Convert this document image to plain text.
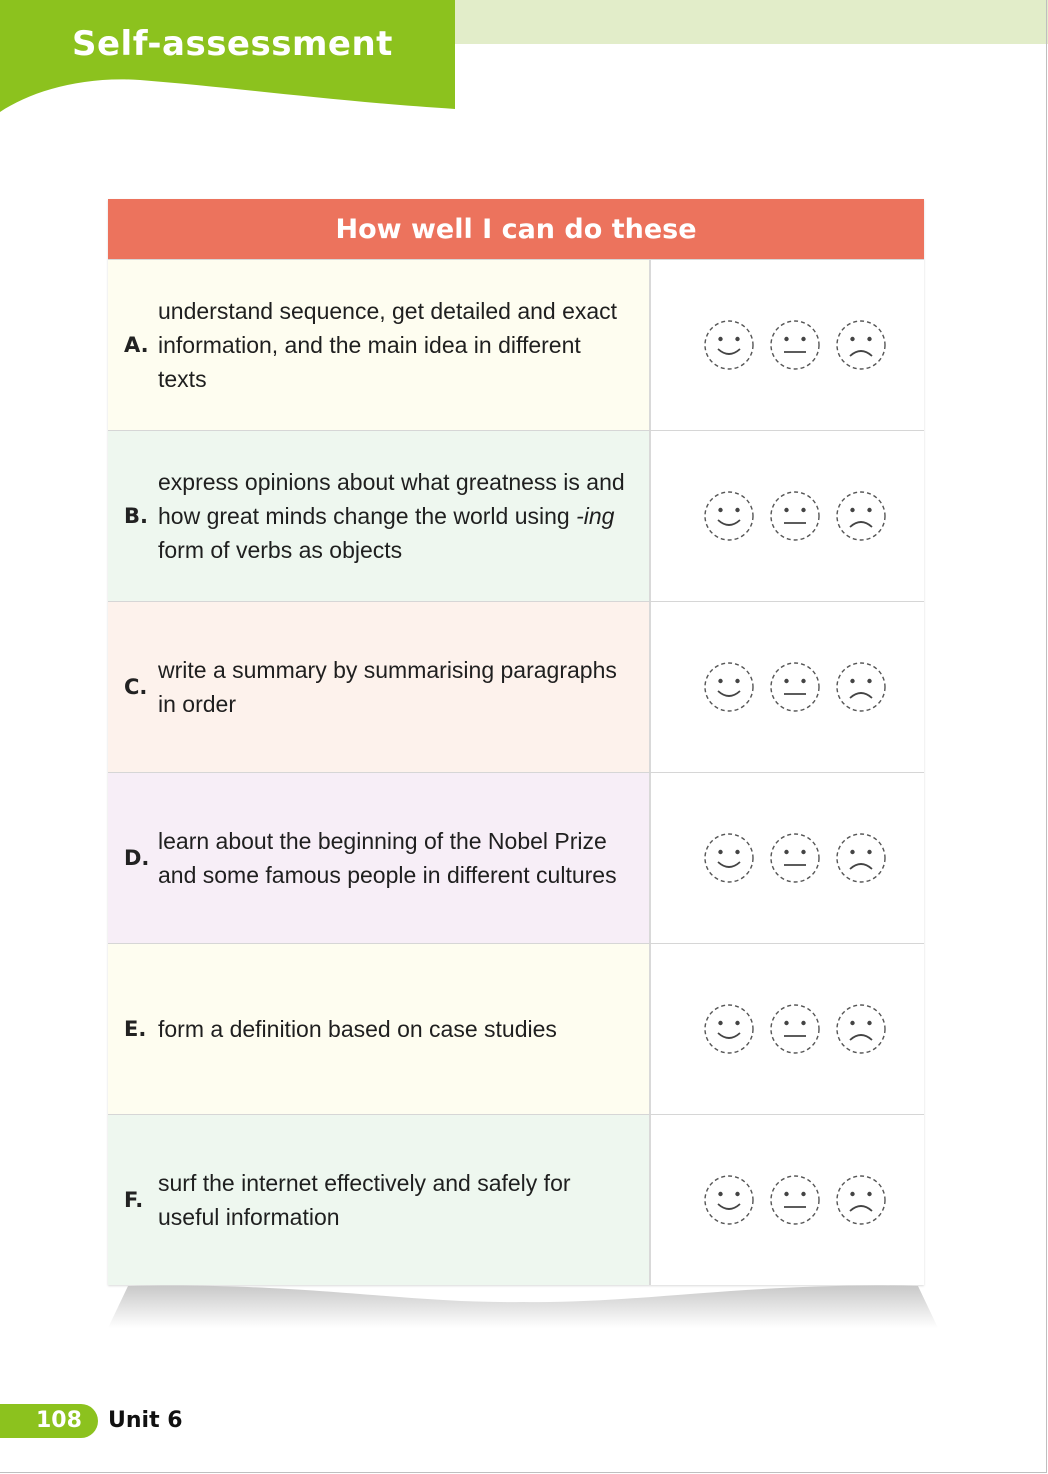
Self-assessment
How well I can do these
A.
understand sequence, get detailed and exact information, and the main idea in different texts
B.
express opinions about what greatness is and how great minds change the world using -ing form of verbs as objects
C.
write a summary by summarising paragraphs in order
D.
learn about the beginning of the Nobel Prize and some famous people in different cultures
E. form a definition based on case studies
F.
surf the internet effectively and safely for useful information

108 Unit 6
